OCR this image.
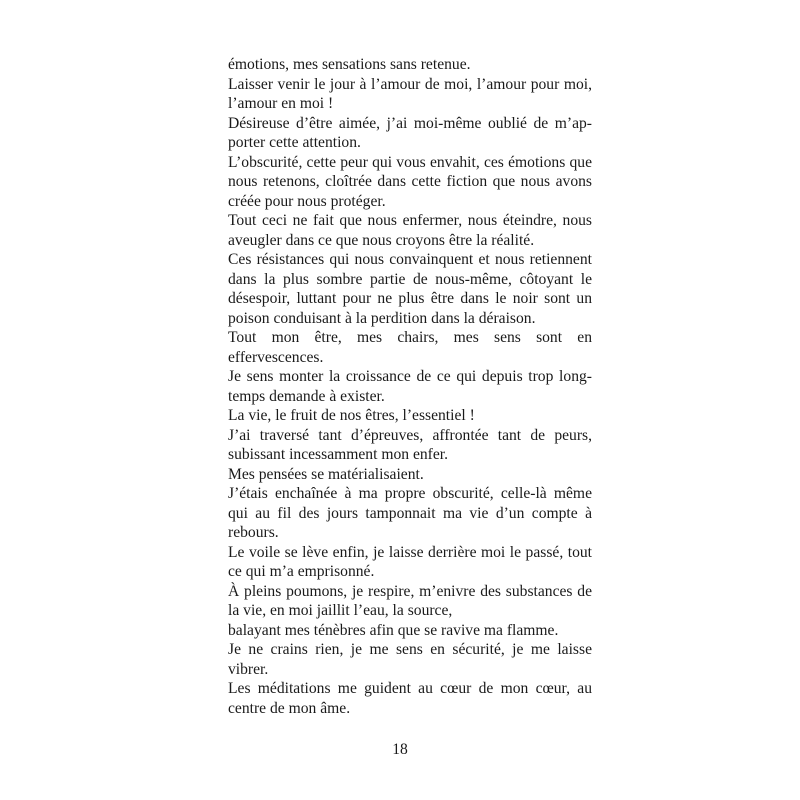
émotions, mes sensations sans retenue.

Laisser venir le jour à l’amour de moi, l’amour pour moi, l’amour en moi !

Désireuse d’être aimée, j’ai moi-même oublié de m’apporter cette attention.

L’obscurité, cette peur qui vous envahit, ces émotions que nous retenons, cloîtrée dans cette fiction que nous avons créée pour nous protéger.

Tout ceci ne fait que nous enfermer, nous éteindre, nous aveugler dans ce que nous croyons être la réalité.

Ces résistances qui nous convainquent et nous retiennent dans la plus sombre partie de nous-même, côtoyant le désespoir, luttant pour ne plus être dans le noir sont un poison conduisant à la perdition dans la déraison.

Tout mon être, mes chairs, mes sens sont en effervescences.

Je sens monter la croissance de ce qui depuis trop longtemps demande à exister.

La vie, le fruit de nos êtres, l’essentiel !

J’ai traversé tant d’épreuves, affrontée tant de peurs, subissant incessamment mon enfer.

Mes pensées se matérialisaient.

J’étais enchaînée à ma propre obscurité, celle-là même qui au fil des jours tamponnait ma vie d’un compte à rebours.

Le voile se lève enfin, je laisse derrière moi le passé, tout ce qui m’a emprisonné.

À pleins poumons, je respire, m’enivre des substances de la vie, en moi jaillit l’eau, la source,

balayant mes ténèbres afin que se ravive ma flamme.

Je ne crains rien, je me sens en sécurité, je me laisse vibrer.

Les méditations me guident au cœur de mon cœur, au centre de mon âme.

18
